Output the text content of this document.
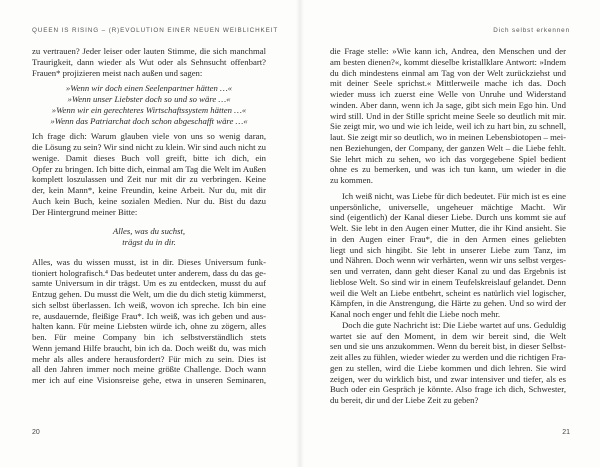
QUEEN IS RISING – (R)EVOLUTION EINER NEUEN WEIBLICHKEIT
zu vertrauen? Jeder leiser oder lauten Stimme, die sich manchmal
Traurigkeit, dann wieder als Wut oder als Sehnsucht offenbart?
Frauen* projizieren meist nach außen und sagen:
»Wenn wir doch einen Seelenpartner hätten …«
»Wenn unser Liebster doch so und so wäre …«
»Wenn wir ein gerechteres Wirtschaftssystem hätten …«
»Wenn das Patriarchat doch schon abgeschafft wäre …«
Ich frage dich: Warum glauben viele von uns so wenig daran,
die Lösung zu sein? Wir sind nicht zu klein. Wir sind auch nicht zu
wenige. Damit dieses Buch voll greift, bitte ich dich, ein
Opfer zu bringen. Ich bitte dich, einmal am Tag die Welt im Außen
komplett loszulassen und Zeit nur mit dir zu verbringen. Keine
der, kein Mann*, keine Freundin, keine Arbeit. Nur du, mit dir
Auch kein Buch, keine sozialen Medien. Nur du. Bist du dazu
Der Hintergrund meiner Bitte:
Alles, was du suchst,
trägst du in dir.
Alles, was du wissen musst, ist in dir. Dieses Universum funk-
tioniert holografisch.⁴ Das bedeutet unter anderem, dass du das ge-
samte Universum in dir trägst. Um es zu entdecken, musst du auf
Entzug gehen. Du musst die Welt, um die du dich stetig kümmerst,
sich selbst überlassen. Ich weiß, wovon ich spreche. Ich bin eine
re, ausdauernde, fleißige Frau*. Ich weiß, was ich geben und aus-
halten kann. Für meine Liebsten würde ich, ohne zu zögern, alles
ben. Für meine Company bin ich selbstverständlich stets
Wenn jemand Hilfe braucht, bin ich da. Doch weißt du, was mich
mehr als alles andere herausfordert? Für mich zu sein. Dies ist
all den Jahren immer noch meine größte Challenge. Doch wann
mer ich auf eine Visionsreise gehe, etwa in unseren Seminaren,
20
Dich selbst erkennen
die Frage stelle: »Wie kann ich, Andrea, den Menschen und der
am besten dienen?«, kommt dieselbe kristallklare Antwort: »Indem
du dich mindestens einmal am Tag von der Welt zurückziehst und
mit deiner Seele sprichst.« Mittlerweile mache ich das. Doch
wieder muss ich zuerst eine Welle von Unruhe und Widerstand
winden. Aber dann, wenn ich Ja sage, gibt sich mein Ego hin. Und
wird still. Und in der Stille spricht meine Seele so deutlich mit mir.
Sie zeigt mir, wo und wie ich leide, weil ich zu hart bin, zu schnell,
laut. Sie zeigt mir so deutlich, wo in meinen Lebensbiotopen – mei-
nen Beziehungen, der Company, der ganzen Welt – die Liebe fehlt.
Sie lehrt mich zu sehen, wo ich das vorgegebene Spiel bedient
ohne es zu bemerken, und was ich tun kann, um wieder in die
zu kommen.
Ich weiß nicht, was Liebe für dich bedeutet. Für mich ist es eine
unpersönliche, universelle, ungeheuer mächtige Macht. Wir
sind (eigentlich) der Kanal dieser Liebe. Durch uns kommt sie auf
Welt. Sie lebt in den Augen einer Mutter, die ihr Kind ansieht. Sie
in den Augen einer Frau*, die in den Armen eines geliebten
liegt und sich hingibt. Sie lebt in unserer Liebe zum Tanz, im
und Nähren. Doch wenn wir verhärten, wenn wir uns selbst verges-
sen und verraten, dann geht dieser Kanal zu und das Ergebnis ist
lieblose Welt. So sind wir in einem Teufelskreislauf gelandet. Denn
weil die Welt an Liebe entbehrt, scheint es natürlich viel logischer,
Kämpfen, in die Anstrengung, die Härte zu gehen. Und so wird der
Kanal noch enger und fehlt die Liebe noch mehr.
Doch die gute Nachricht ist: Die Liebe wartet auf uns. Geduldig
wartet sie auf den Moment, in dem wir bereit sind, die Welt
sen und sie uns anzukommen. Wenn du bereit bist, in dieser Selbst-
zeit alles zu fühlen, wieder wieder zu werden und die richtigen Fra-
gen zu stellen, wird die Liebe kommen und dich lehren. Sie wird
zeigen, wer du wirklich bist, und zwar intensiver und tiefer, als es
Buch oder ein Gespräch je könnte. Also frage ich dich, Schwester,
du bereit, dir und der Liebe Zeit zu geben?
21
